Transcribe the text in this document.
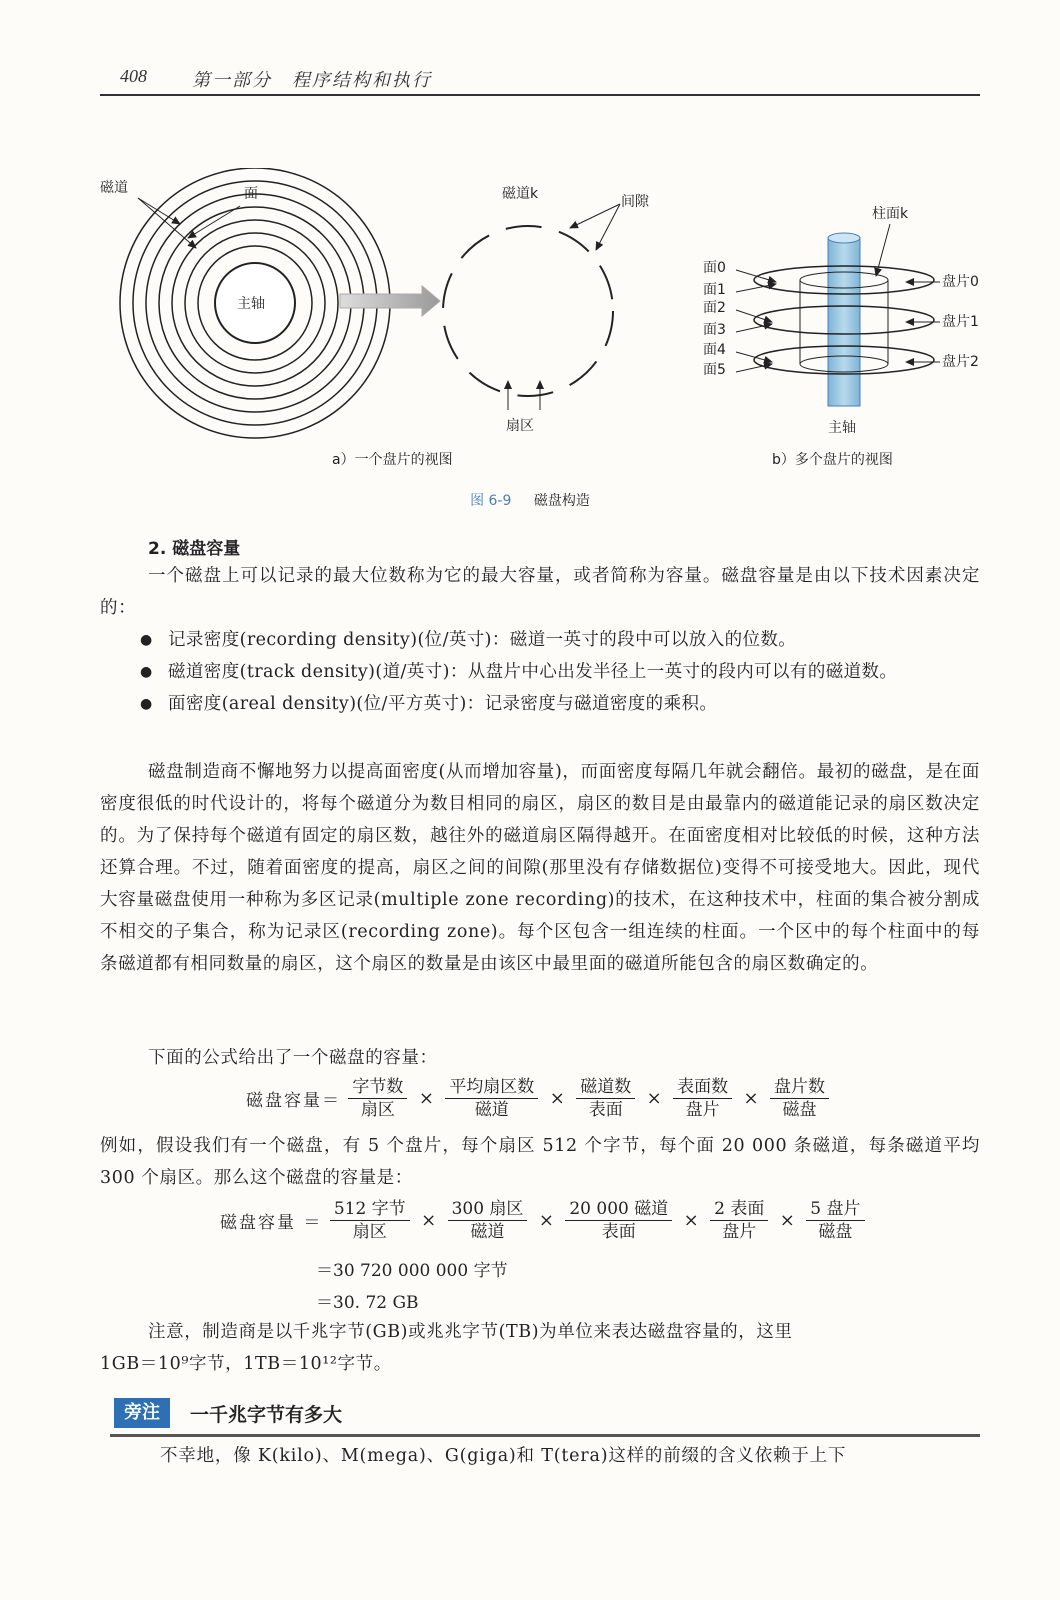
408	第一部分　程序结构和执行
主轴
磁道	面	磁道k	间隙
扇区
柱面k
面0
面1
面2
面3
面4
面5
盘片0
盘片1
盘片2
主轴
a）一个盘片的视图	b）多个盘片的视图
图 6-9 磁盘构造
2. 磁盘容量
一个磁盘上可以记录的最大位数称为它的最大容量，或者简称为容量。磁盘容量是由以下技术因素决定的：
● 记录密度(recording density)(位/英寸)：磁道一英寸的段中可以放入的位数。
● 磁道密度(track density)(道/英寸)：从盘片中心出发半径上一英寸的段内可以有的磁道数。
● 面密度(areal density)(位/平方英寸)：记录密度与磁道密度的乘积。
磁盘制造商不懈地努力以提高面密度(从而增加容量)，而面密度每隔几年就会翻倍。最初的磁盘，是在面密度很低的时代设计的，将每个磁道分为数目相同的扇区，扇区的数目是由最靠内的磁道能记录的扇区数决定的。为了保持每个磁道有固定的扇区数，越往外的磁道扇区隔得越开。在面密度相对比较低的时候，这种方法还算合理。不过，随着面密度的提高，扇区之间的间隙(那里没有存储数据位)变得不可接受地大。因此，现代大容量磁盘使用一种称为多区记录(multiple zone recording)的技术，在这种技术中，柱面的集合被分割成不相交的子集合，称为记录区(recording zone)。每个区包含一组连续的柱面。一个区中的每个柱面中的每条磁道都有相同数量的扇区，这个扇区的数量是由该区中最里面的磁道所能包含的扇区数确定的。
下面的公式给出了一个磁盘的容量：
磁盘容量＝ $\frac{\text{字节数}}{\text{扇区}} \times \frac{\text{平均扇区数}}{\text{磁道}} \times \frac{\text{磁道数}}{\text{表面}} \times \frac{\text{表面数}}{\text{盘片}} \times \frac{\text{盘片数}}{\text{磁盘}}$
例如，假设我们有一个磁盘，有 5 个盘片，每个扇区 512 个字节，每个面 20 000 条磁道，每条磁道平均 300 个扇区。那么这个磁盘的容量是：
磁盘容量 ＝ $\frac{\text{512 字节}}{\text{扇区}} \times \frac{\text{300 扇区}}{\text{磁道}} \times \frac{\text{20 000 磁道}}{\text{表面}} \times \frac{\text{2 表面}}{\text{盘片}} \times \frac{\text{5 盘片}}{\text{磁盘}}$
＝30 720 000 000 字节
＝30. 72 GB
注意，制造商是以千兆字节(GB)或兆兆字节(TB)为单位来表达磁盘容量的，这里
1GB＝10⁹字节，1TB＝10¹²字节。
旁注	一千兆字节有多大
不幸地，像 K(kilo)、M(mega)、G(giga)和 T(tera)这样的前缀的含义依赖于上下
